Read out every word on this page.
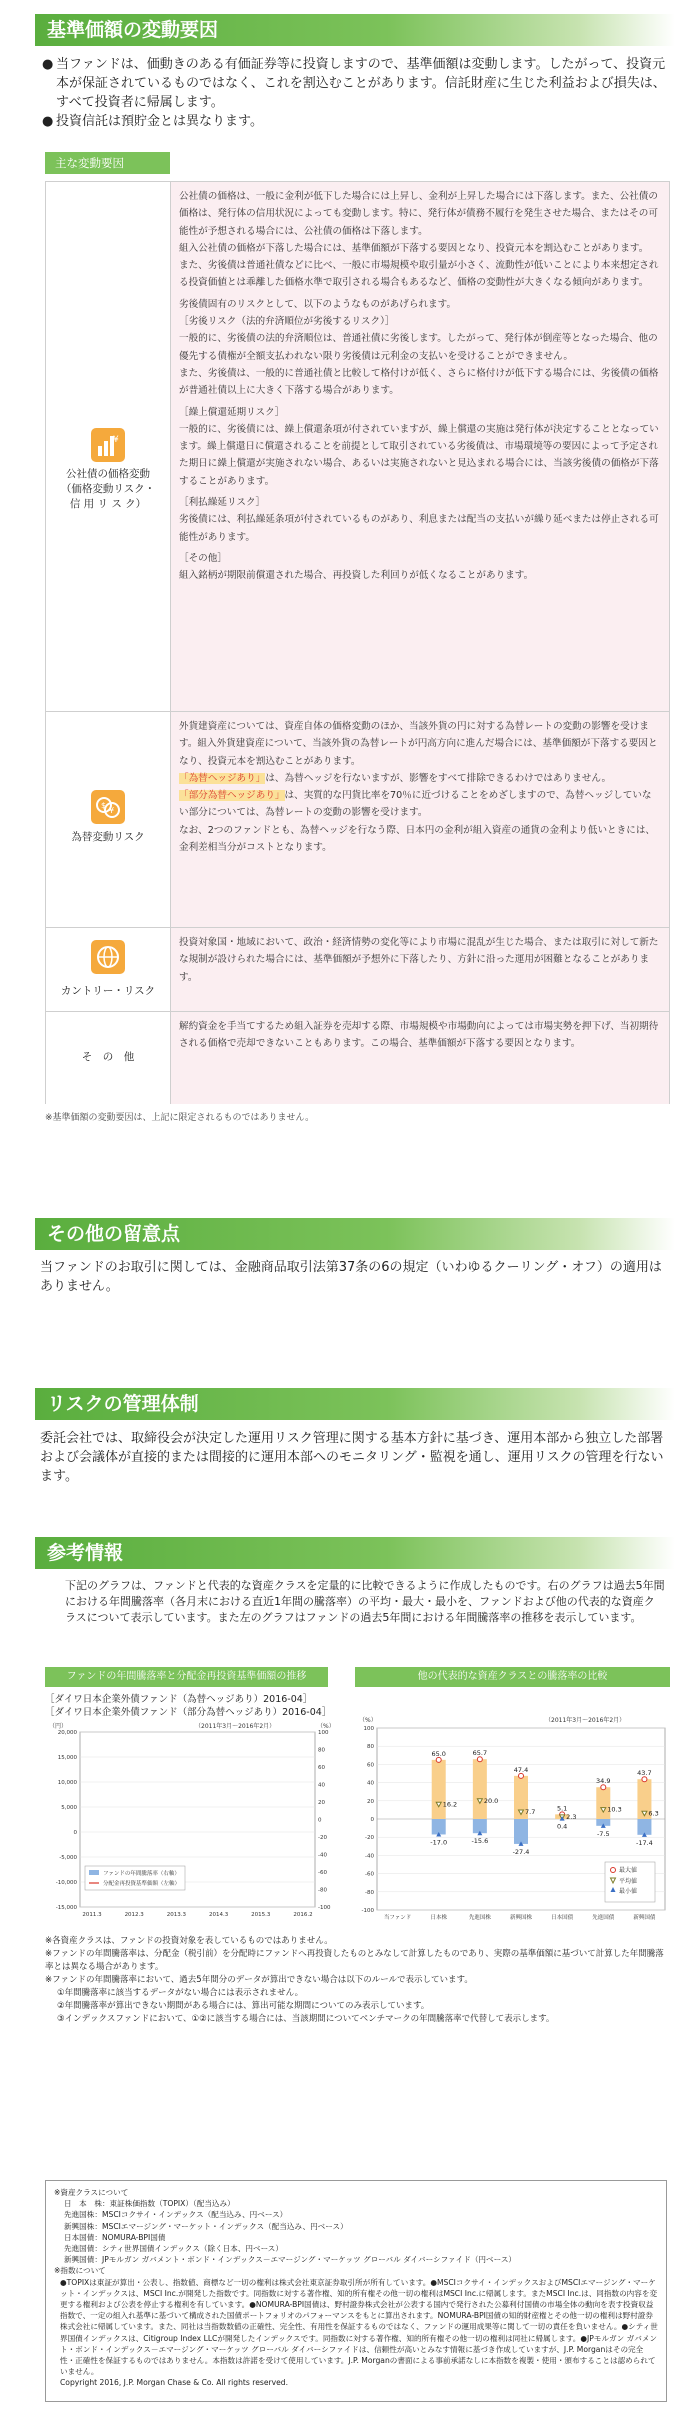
基準価額の変動要因

● 当ファンドは、価動きのある有価証券等に投資しますので、基準価額は変動します。したがって、投資元本が保証されているものではなく、これを割込むことがあります。信託財産に生じた利益および損失は、すべて投資者に帰属します。

● 投資信託は預貯金とは異なります。

主な変動要因
¥
公社債の価格変動
（価格変動リスク・
信 用 リ ス ク）

公社債の価格は、一般に金利が低下した場合には上昇し、金利が上昇した場合には下落します。また、公社債の価格は、発行体の信用状況によっても変動します。特に、発行体が債務不履行を発生させた場合、またはその可能性が予想される場合には、公社債の価格は下落します。

組入公社債の価格が下落した場合には、基準価額が下落する要因となり、投資元本を割込むことがあります。

また、劣後債は普通社債などに比べ、一般に市場規模や取引量が小さく、流動性が低いことにより本来想定される投資価値とは乖離した価格水準で取引される場合もあるなど、価格の変動性が大きくなる傾向があります。

劣後債固有のリスクとして、以下のようなものがあげられます。

［劣後リスク（法的弁済順位が劣後するリスク）］

一般的に、劣後債の法的弁済順位は、普通社債に劣後します。したがって、発行体が倒産等となった場合、他の優先する債権が全額支払われない限り劣後債は元利金の支払いを受けることができません。

また、劣後債は、一般的に普通社債と比較して格付けが低く、さらに格付けが低下する場合には、劣後債の価格が普通社債以上に大きく下落する場合があります。

［繰上償還延期リスク］

一般的に、劣後債には、繰上償還条項が付されていますが、繰上償還の実施は発行体が決定することとなっています。繰上償還日に償還されることを前提として取引されている劣後債は、市場環境等の要因によって予定された期日に繰上償還が実施されない場合、あるいは実施されないと見込まれる場合には、当該劣後債の価格が下落することがあります。

［利払繰延リスク］

劣後債には、利払繰延条項が付されているものがあり、利息または配当の支払いが繰り延べまたは停止される可能性があります。

［その他］

組入銘柄が期限前償還された場合、再投資した利回りが低くなることがあります。

$
¥
為替変動リスク

外貨建資産については、資産自体の価格変動のほか、当該外貨の円に対する為替レートの変動の影響を受けます。組入外貨建資産について、当該外貨の為替レートが円高方向に進んだ場合には、基準価額が下落する要因となり、投資元本を割込むことがあります。

「為替ヘッジあり」は、為替ヘッジを行ないますが、影響をすべて排除できるわけではありません。

「部分為替ヘッジあり」は、実質的な円貨比率を70％に近づけることをめざしますので、為替ヘッジしていない部分については、為替レートの変動の影響を受けます。

なお、2つのファンドとも、為替ヘッジを行なう際、日本円の金利が組入資産の通貨の金利より低いときには、金利差相当分がコストとなります。

カントリー・リスク

投資対象国・地域において、政治・経済情勢の変化等により市場に混乱が生じた場合、または取引に対して新たな規制が設けられた場合には、基準価額が予想外に下落したり、方針に沿った運用が困難となることがあります。

そ　の　他

解約資金を手当てするため組入証券を売却する際、市場規模や市場動向によっては市場実勢を押下げ、当初期待される価格で売却できないこともあります。この場合、基準価額が下落する要因となります。

※基準価額の変動要因は、上記に限定されるものではありません。
その他の留意点
当ファンドのお取引に関しては、金融商品取引法第37条の6の規定（いわゆるクーリング・オフ）の適用はありません。
リスクの管理体制
委託会社では、取締役会が決定した運用リスク管理に関する基本方針に基づき、運用本部から独立した部署および会議体が直接的または間接的に運用本部へのモニタリング・監視を通し、運用リスクの管理を行ないます。
参考情報
下記のグラフは、ファンドと代表的な資産クラスを定量的に比較できるように作成したものです。右のグラフは過去5年間における年間騰落率（各月末における直近1年間の騰落率）の平均・最大・最小を、ファンドおよび他の代表的な資産クラスについて表示しています。また左のグラフはファンドの過去5年間における年間騰落率の推移を表示しています。
ファンドの年間騰落率と分配金再投資基準価額の推移	他の代表的な資産クラスとの騰落率の比較
［ダイワ日本企業外債ファンド（為替ヘッジあり）2016-04］
［ダイワ日本企業外債ファンド（部分為替ヘッジあり）2016-04］
（円）	（%）
（2011年3月〜2016年2月）
20,000
15,000
10,000
5,000
0
-5,000
-10,000
-15,000
100
80
60
40
20
0
-20
-40
-60
-80
-100
2011.3	2012.3	2013.3	2014.3	2015.3	2016.2
ファンドの年間騰落率（右軸）
分配金再投資基準価額（左軸）
（%）	（2011年3月〜2016年2月）
100
80
60
40
20
0
-20
-40
-60
-80
-100
65.0
16.2
-17.0
65.7
20.0
-15.6
47.4
7.7
-27.4
5.1
2.3
0.4
34.9
10.3
-7.5
43.7
6.3
-17.4
当ファンド	日本株	先進国株	新興国株	日本国債	先進国債	新興国債
最大値
平均値
最小値
※各資産クラスは、ファンドの投資対象を表しているものではありません。
※ファンドの年間騰落率は、分配金（税引前）を分配時にファンドへ再投資したものとみなして計算したものであり、実際の基準価額に基づいて計算した年間騰落率とは異なる場合があります。
※ファンドの年間騰落率において、過去5年間分のデータが算出できない場合は以下のルールで表示しています。
①年間騰落率に該当するデータがない場合には表示されません。
②年間騰落率が算出できない期間がある場合には、算出可能な期間についてのみ表示しています。
③インデックスファンドにおいて、①②に該当する場合には、当該期間についてベンチマークの年間騰落率で代替して表示します。
※資産クラスについて
日　本　株：東証株価指数（TOPIX）（配当込み）
先進国株：MSCIコクサイ・インデックス（配当込み、円ベース）
新興国株：MSCIエマージング・マーケット・インデックス（配当込み、円ベース）
日本国債：NOMURA-BPI国債
先進国債：シティ世界国債インデックス（除く日本、円ベース）
新興国債：JPモルガン ガバメント・ボンド・インデックス－エマージング・マーケッツ グローバル ダイバーシファイド（円ベース）
※指数について
●TOPIXは東証が算出・公表し、指数値、商標など一切の権利は株式会社東京証券取引所が所有しています。●MSCIコクサイ・インデックスおよびMSCIエマージング・マーケット・インデックスは、MSCI Inc.が開発した指数です。同指数に対する著作権、知的所有権その他一切の権利はMSCI Inc.に帰属します。またMSCI Inc.は、同指数の内容を変更する権利および公表を停止する権利を有しています。●NOMURA-BPI国債は、野村證券株式会社が公表する国内で発行された公募利付国債の市場全体の動向を表す投資収益指数で、一定の組入れ基準に基づいて構成された国債ポートフォリオのパフォーマンスをもとに算出されます。NOMURA-BPI国債の知的財産権とその他一切の権利は野村證券株式会社に帰属しています。また、同社は当指数数値の正確性、完全性、有用性を保証するものではなく、ファンドの運用成果等に関して一切の責任を負いません。●シティ世界国債インデックスは、Citigroup Index LLCが開発したインデックスです。同指数に対する著作権、知的所有権その他一切の権利は同社に帰属します。●JPモルガン ガバメント・ボンド・インデックス－エマージング・マーケッツ グローバル ダイバーシファイドは、信頼性が高いとみなす情報に基づき作成していますが、J.P. Morganはその完全性・正確性を保証するものではありません。本指数は許諾を受けて使用しています。J.P. Morganの書面による事前承諾なしに本指数を複製・使用・頒布することは認められていません。
Copyright 2016, J.P. Morgan Chase & Co. All rights reserved.
